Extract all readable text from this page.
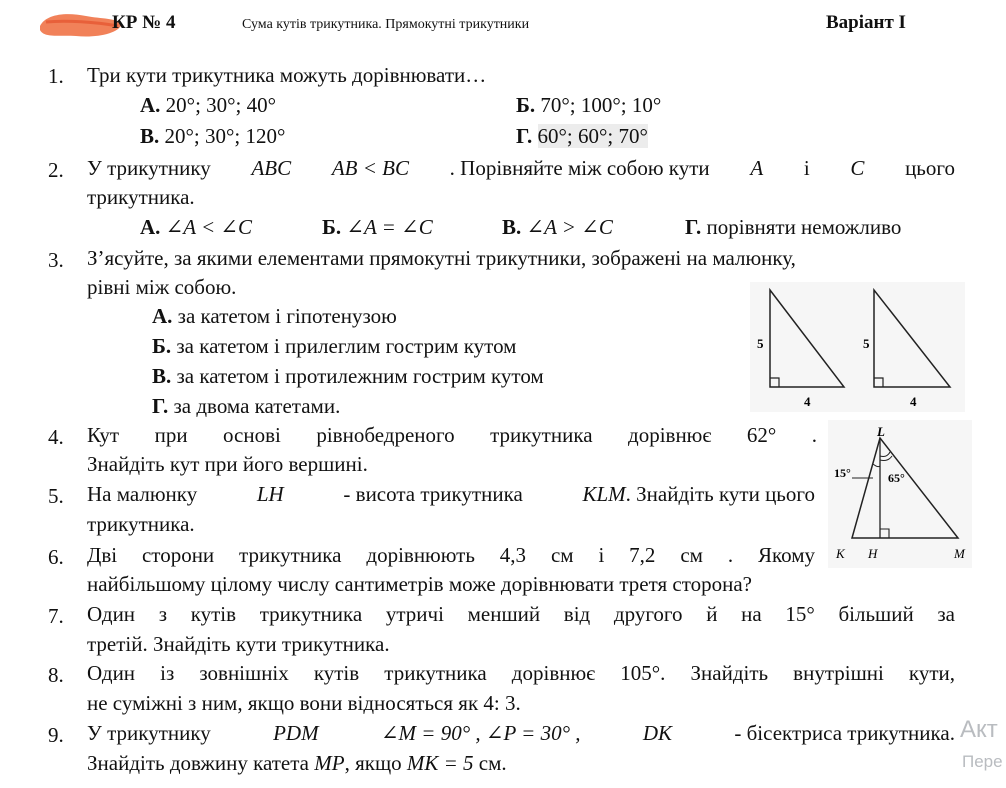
КР № 4	Сума кутів трикутника. Прямокутні трикутники	Варіант І
1. Три кути трикутника можуть дорівнювати…
А. 20°; 30°; 40°	Б. 70°; 100°; 10°
В. 20°; 30°; 120°	Г. 60°; 60°; 70°
2. У трикутнику ABC AB < BC . Порівняйте між собою кути A і C цього
трикутника.
А. ∠A < ∠C	Б. ∠A = ∠C	В. ∠A > ∠C	Г. порівняти неможливо
3. З’ясуйте, за якими елементами прямокутні трикутники, зображені на малюнку,
рівні між собою.
А. за катетом і гіпотенузою
Б. за катетом і прилеглим гострим кутом
В. за катетом і протилежним гострим кутом
Г. за двома катетами.
5
4
5
4
4. Кут при основі рівнобедреного трикутника дорівнює 62° .
Знайдіть кут при його вершині.
5. На малюнку	LH	- висота трикутника	KLM. Знайдіть кути цього
трикутника.
L
K H	M
15°	65°
6. Дві сторони трикутника дорівнюють 4,3 см і 7,2 см . Якому
найбільшому цілому числу сантиметрів може дорівнювати третя сторона?
7. Один з кутів трикутника утричі менший від другого й на 15° більший за
третій. Знайдіть кути трикутника.
8. Один із зовнішніх кутів трикутника дорівнює 105°. Знайдіть внутрішні кути,
не суміжні з ним, якщо вони відносяться як 4: 3.
9. У трикутнику	PDM	∠M = 90° , ∠P = 30° ,	DK	- бісектриса трикутника.
Знайдіть довжину катета MP, якщо MK = 5 см.
Акт
Пере
